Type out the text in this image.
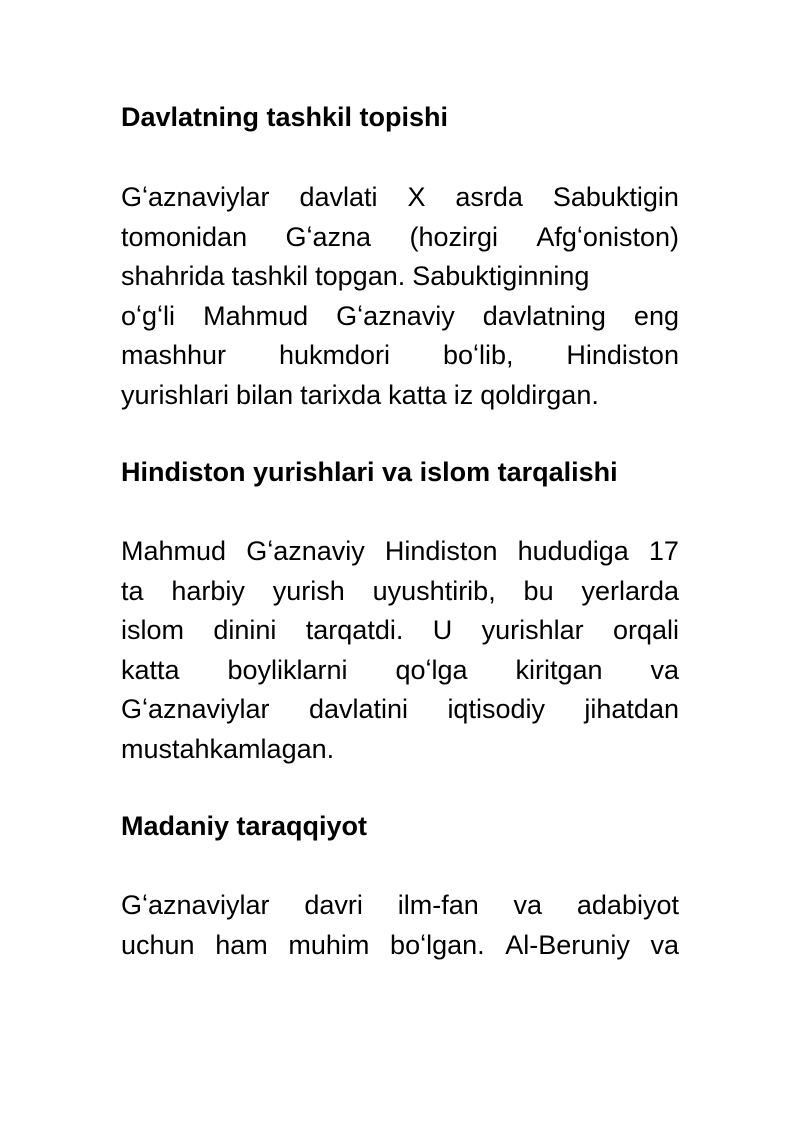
Davlatning tashkil topishi
Gʻaznaviylar davlati X asrda Sabuktigin
tomonidan Gʻazna (hozirgi Afgʻoniston)
shahrida tashkil topgan. Sabuktiginning
oʻgʻli Mahmud Gʻaznaviy davlatning eng
mashhur hukmdori boʻlib, Hindiston
yurishlari bilan tarixda katta iz qoldirgan.
Hindiston yurishlari va islom tarqalishi
Mahmud Gʻaznaviy Hindiston hududiga 17
ta harbiy yurish uyushtirib, bu yerlarda
islom dinini tarqatdi. U yurishlar orqali
katta boyliklarni qoʻlga kiritgan va
Gʻaznaviylar davlatini iqtisodiy jihatdan
mustahkamlagan.
Madaniy taraqqiyot
Gʻaznaviylar davri ilm-fan va adabiyot
uchun ham muhim boʻlgan. Al-Beruniy va
